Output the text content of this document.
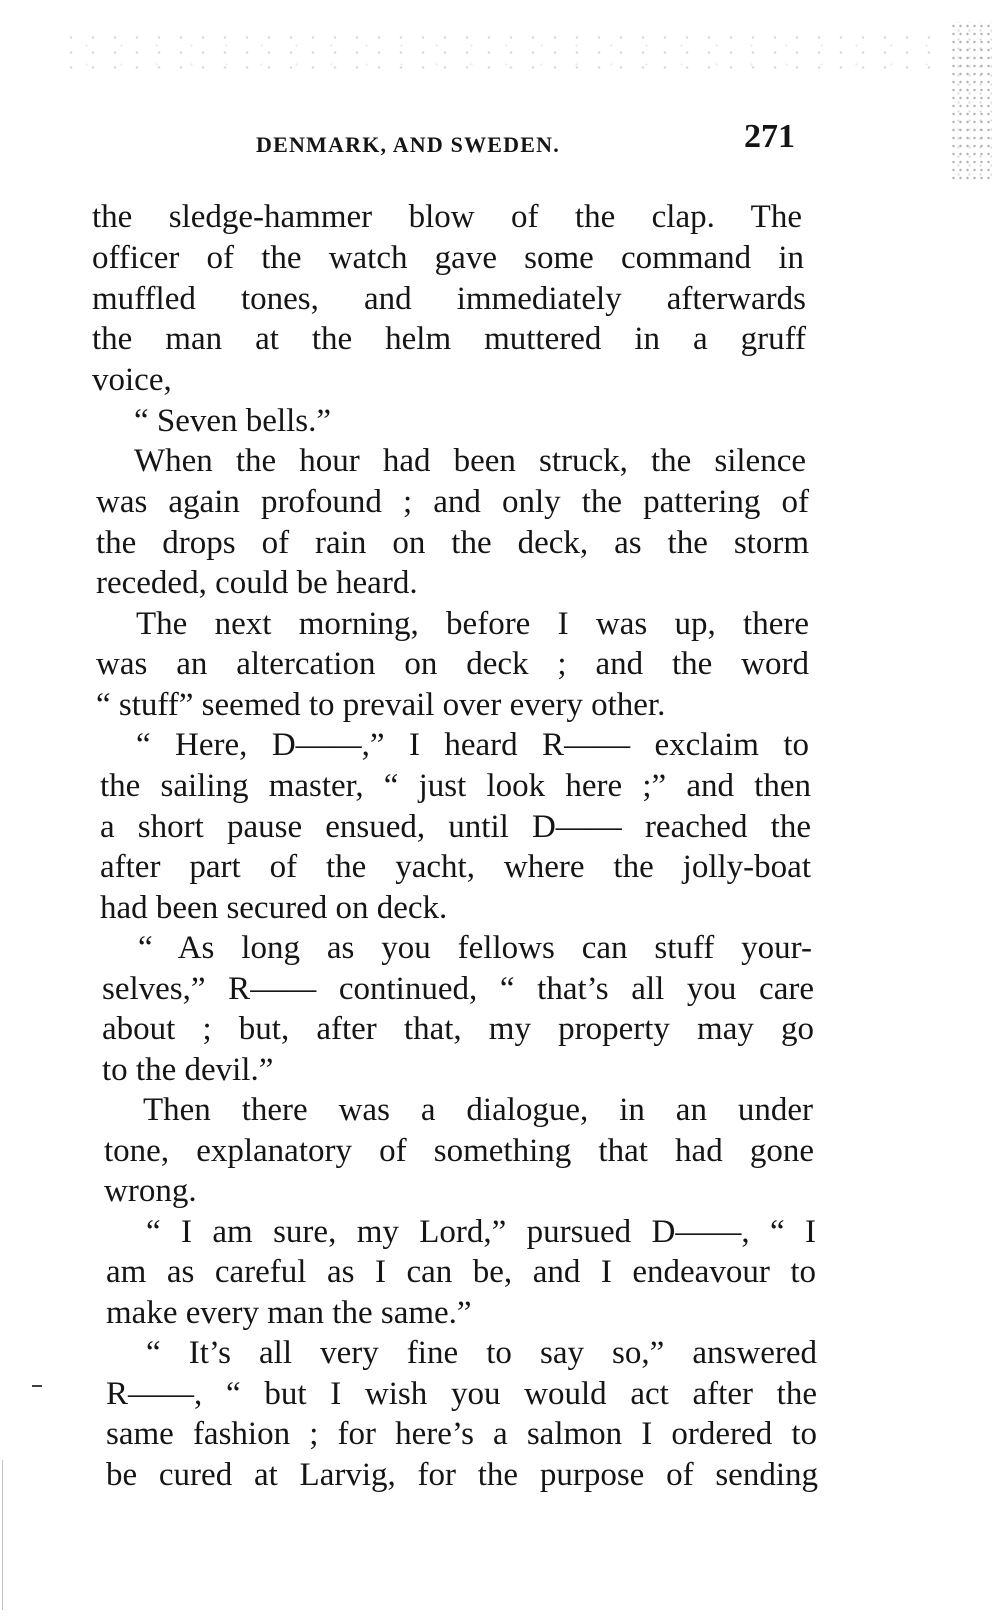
DENMARK, AND SWEDEN.	271
the sledge-hammer blow of the clap. The
officer of the watch gave some command in
muffled tones, and immediately afterwards
the man at the helm muttered in a gruff
voice,
“ Seven bells.”
When the hour had been struck, the silence
was again profound ; and only the pattering of
the drops of rain on the deck, as the storm
receded, could be heard.
The next morning, before I was up, there
was an altercation on deck ; and the word
“ stuff” seemed to prevail over every other.
“ Here, D——,” I heard R—— exclaim to
the sailing master, “ just look here ;” and then
a short pause ensued, until D—— reached the
after part of the yacht, where the jolly-boat
had been secured on deck.
“ As long as you fellows can stuff your-
selves,” R—— continued, “ that’s all you care
about ; but, after that, my property may go
to the devil.”
Then there was a dialogue, in an under
tone, explanatory of something that had gone
wrong.
“ I am sure, my Lord,” pursued D——, “ I
am as careful as I can be, and I endeavour to
make every man the same.”
“ It’s all very fine to say so,” answered
R——, “ but I wish you would act after the
same fashion ; for here’s a salmon I ordered to
be cured at Larvig, for the purpose of sending
